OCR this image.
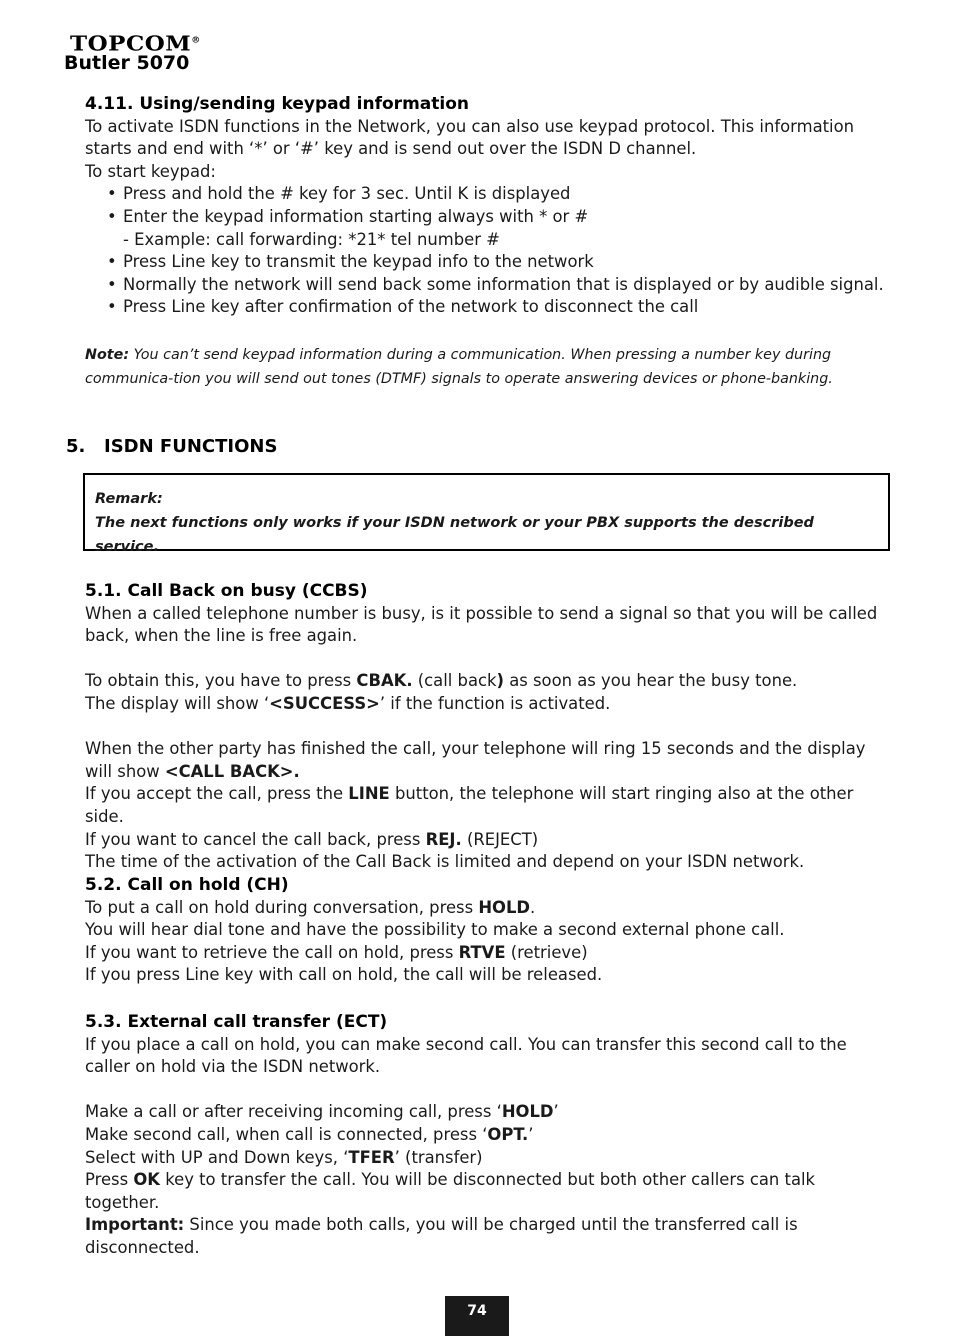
TOPCOM®
Butler 5070

4.11. Using/sending keypad information

To activate ISDN functions in the Network, you can also use keypad protocol. This information starts and end with ‘*’ or ‘#’ key and is send out over the ISDN D channel.

To start keypad:

• Press and hold the # key for 3 sec. Until K is displayed

• Enter the keypad information starting always with * or #

- Example: call forwarding: *21* tel number #

• Press Line key to transmit the keypad info to the network

• Normally the network will send back some information that is displayed or by audible signal.

• Press Line key after confirmation of the network to disconnect the call

Note: You can’t send keypad information during a communication. When pressing a number key during communica-tion you will send out tones (DTMF) signals to operate answering devices or phone-banking.
5. ISDN FUNCTIONS

Remark:

The next functions only works if your ISDN network or your PBX supports the described service.

5.1. Call Back on busy (CCBS)

When a called telephone number is busy, is it possible to send a signal so that you will be called back, when the line is free again.

To obtain this, you have to press CBAK. (call back) as soon as you hear the busy tone.

The display will show ‘<SUCCESS>’ if the function is activated.

When the other party has finished the call, your telephone will ring 15 seconds and the display will show <CALL BACK>.

If you accept the call, press the LINE button, the telephone will start ringing also at the other side.

If you want to cancel the call back, press REJ. (REJECT)

The time of the activation of the Call Back is limited and depend on your ISDN network.

5.2. Call on hold (CH)

To put a call on hold during conversation, press HOLD.

You will hear dial tone and have the possibility to make a second external phone call.

If you want to retrieve the call on hold, press RTVE (retrieve)

If you press Line key with call on hold, the call will be released.

5.3. External call transfer (ECT)

If you place a call on hold, you can make second call. You can transfer this second call to the caller on hold via the ISDN network.

Make a call or after receiving incoming call, press ‘HOLD’

Make second call, when call is connected, press ‘OPT.’

Select with UP and Down keys, ‘TFER’ (transfer)

Press OK key to transfer the call. You will be disconnected but both other callers can talk together.

Important: Since you made both calls, you will be charged until the transferred call is disconnected.

74
